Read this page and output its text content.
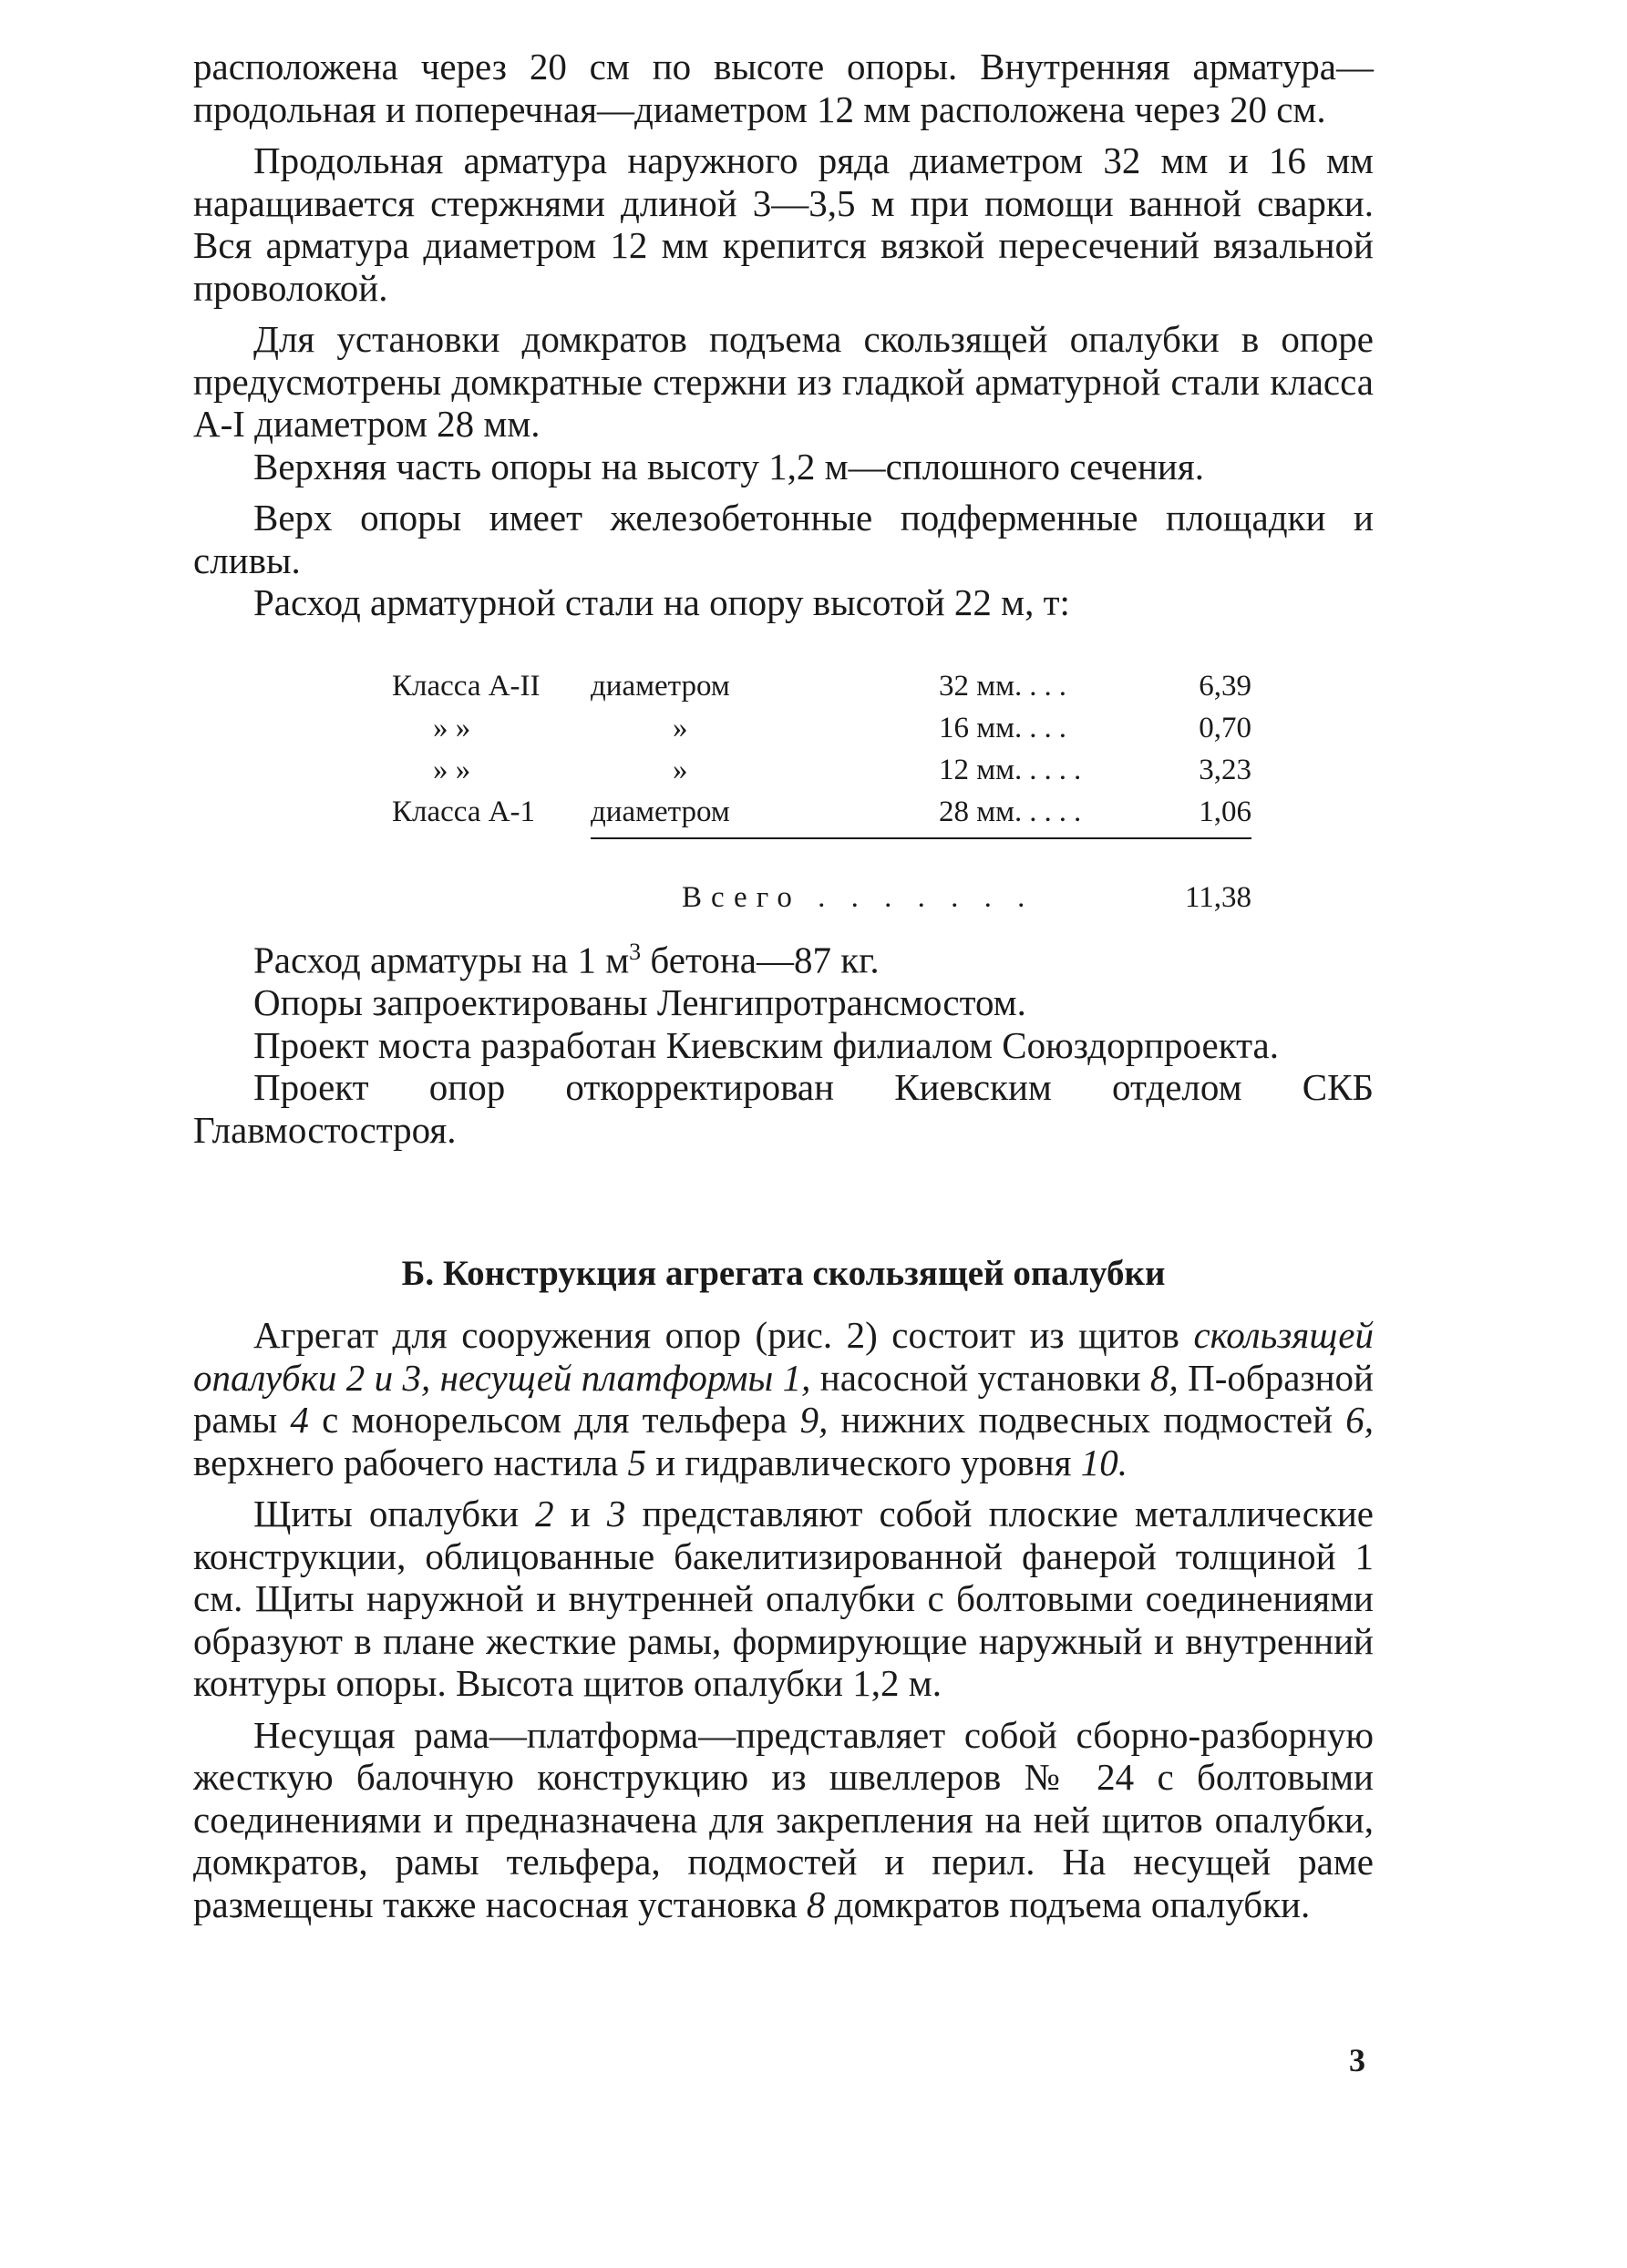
расположена через 20 см по высоте опоры. Внутренняя арматура—продольная и поперечная—диаметром 12 мм расположена через 20 см.

Продольная арматура наружного ряда диаметром 32 мм и 16 мм наращивается стержнями длиной 3—3,5 м при помощи ванной сварки. Вся арматура диаметром 12 мм крепится вязкой пересечений вязальной проволокой.

Для установки домкратов подъема скользящей опалубки в опоре предусмотрены домкратные стержни из гладкой арматурной стали класса А-I диаметром 28 мм.

Верхняя часть опоры на высоту 1,2 м—сплошного сечения.

Верх опоры имеет железобетонные подферменные площадки и сливы.

Расход арматурной стали на опору высотой 22 м, т:

Класса А-II	диаметром	32 мм	....	6,39
» »	»	16 мм	....	0,70
» »	»	12 мм	.....	3,23
Класса А-1	диаметром	28 мм	.....	1,06

	Всего . . . . . . .			11,38

Расход арматуры на 1 $м^3$ бетона—87 кг.

Опоры запроектированы Ленгипротрансмостом.

Проект моста разработан Киевским филиалом Союздорпроекта.

Проект опор откорректирован Киевским отделом СКБ Главмостостроя.

Б. Конструкция агрегата скользящей опалубки

Агрегат для сооружения опор (рис. 2) состоит из щитов скользящей опалубки 2 и 3, несущей платформы 1, насосной установки 8, П-образной рамы 4 с монорельсом для тельфера 9, нижних подвесных подмостей 6, верхнего рабочего настила 5 и гидравлического уровня 10.

Щиты опалубки 2 и 3 представляют собой плоские металлические конструкции, облицованные бакелитизированной фанерой толщиной 1 см. Щиты наружной и внутренней опалубки с болтовыми соединениями образуют в плане жесткие рамы, формирующие наружный и внутренний контуры опоры. Высота щитов опалубки 1,2 м.

Несущая рама—платформа—представляет собой сборно-разборную жесткую балочную конструкцию из швеллеров № 24 с болтовыми соединениями и предназначена для закрепления на ней щитов опалубки, домкратов, рамы тельфера, подмостей и перил. На несущей раме размещены также насосная установка 8 домкратов подъема опалубки.

3
